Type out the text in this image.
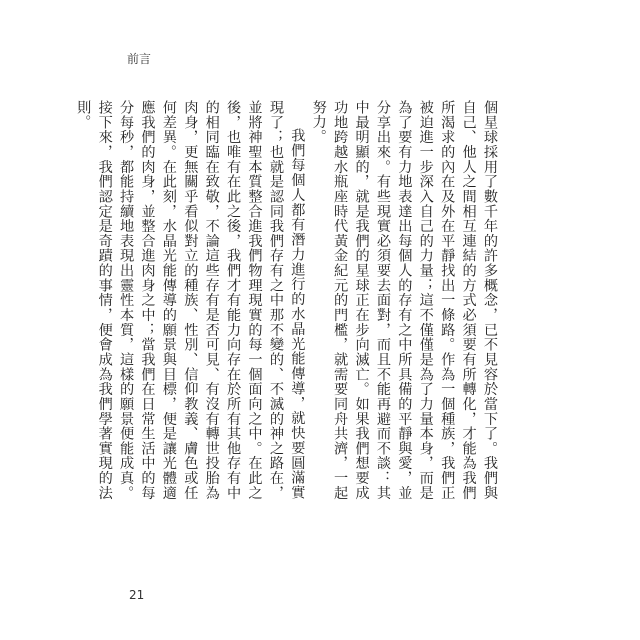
前言

個星球採用了數千年的許多概念，已不見容於當下了。我們與自己、他人之間相互連結的方式必須要有所轉化，才能為我們所渴求的內在及外在平靜找出一條路。作為一個種族，我們正被迫進一步深入自己的力量；這不僅僅是為了力量本身，而是為了要有力地表達出每個人的存有之中所具備的平靜與愛，並分享出來。有些現實必須要去面對，而且不能再避而不談：其中最明顯的，就是我們的星球正在步向滅亡。如果我們想要成功地跨越水瓶座時代黃金紀元的門檻，就需要同舟共濟，一起努力。

我們每個人都有潛力進行的水晶光能傳導，就快要圓滿實現了；也就是認同我們存有之中那不變的、不滅的神之路在，並將神聖本質整合進我們物理現實的每一個面向之中。在此之後，也唯有在此之後，我們才有能力向存在於所有其他存有中的相同臨在致敬，不論這些存有是否可見、有沒有轉世投胎為肉身，更無關乎看似對立的種族、性別、信仰教義、膚色或任何差異。在此刻，水晶光能傳導的願景與目標，便是讓光體適應我們的肉身，並整合進肉身之中；當我們在日常生活中的每分每秒，都能持續地表現出靈性本質，這樣的願景便能成真。接下來，我們認定是奇蹟的事情，便會成為我們學著實現的法則。

21
